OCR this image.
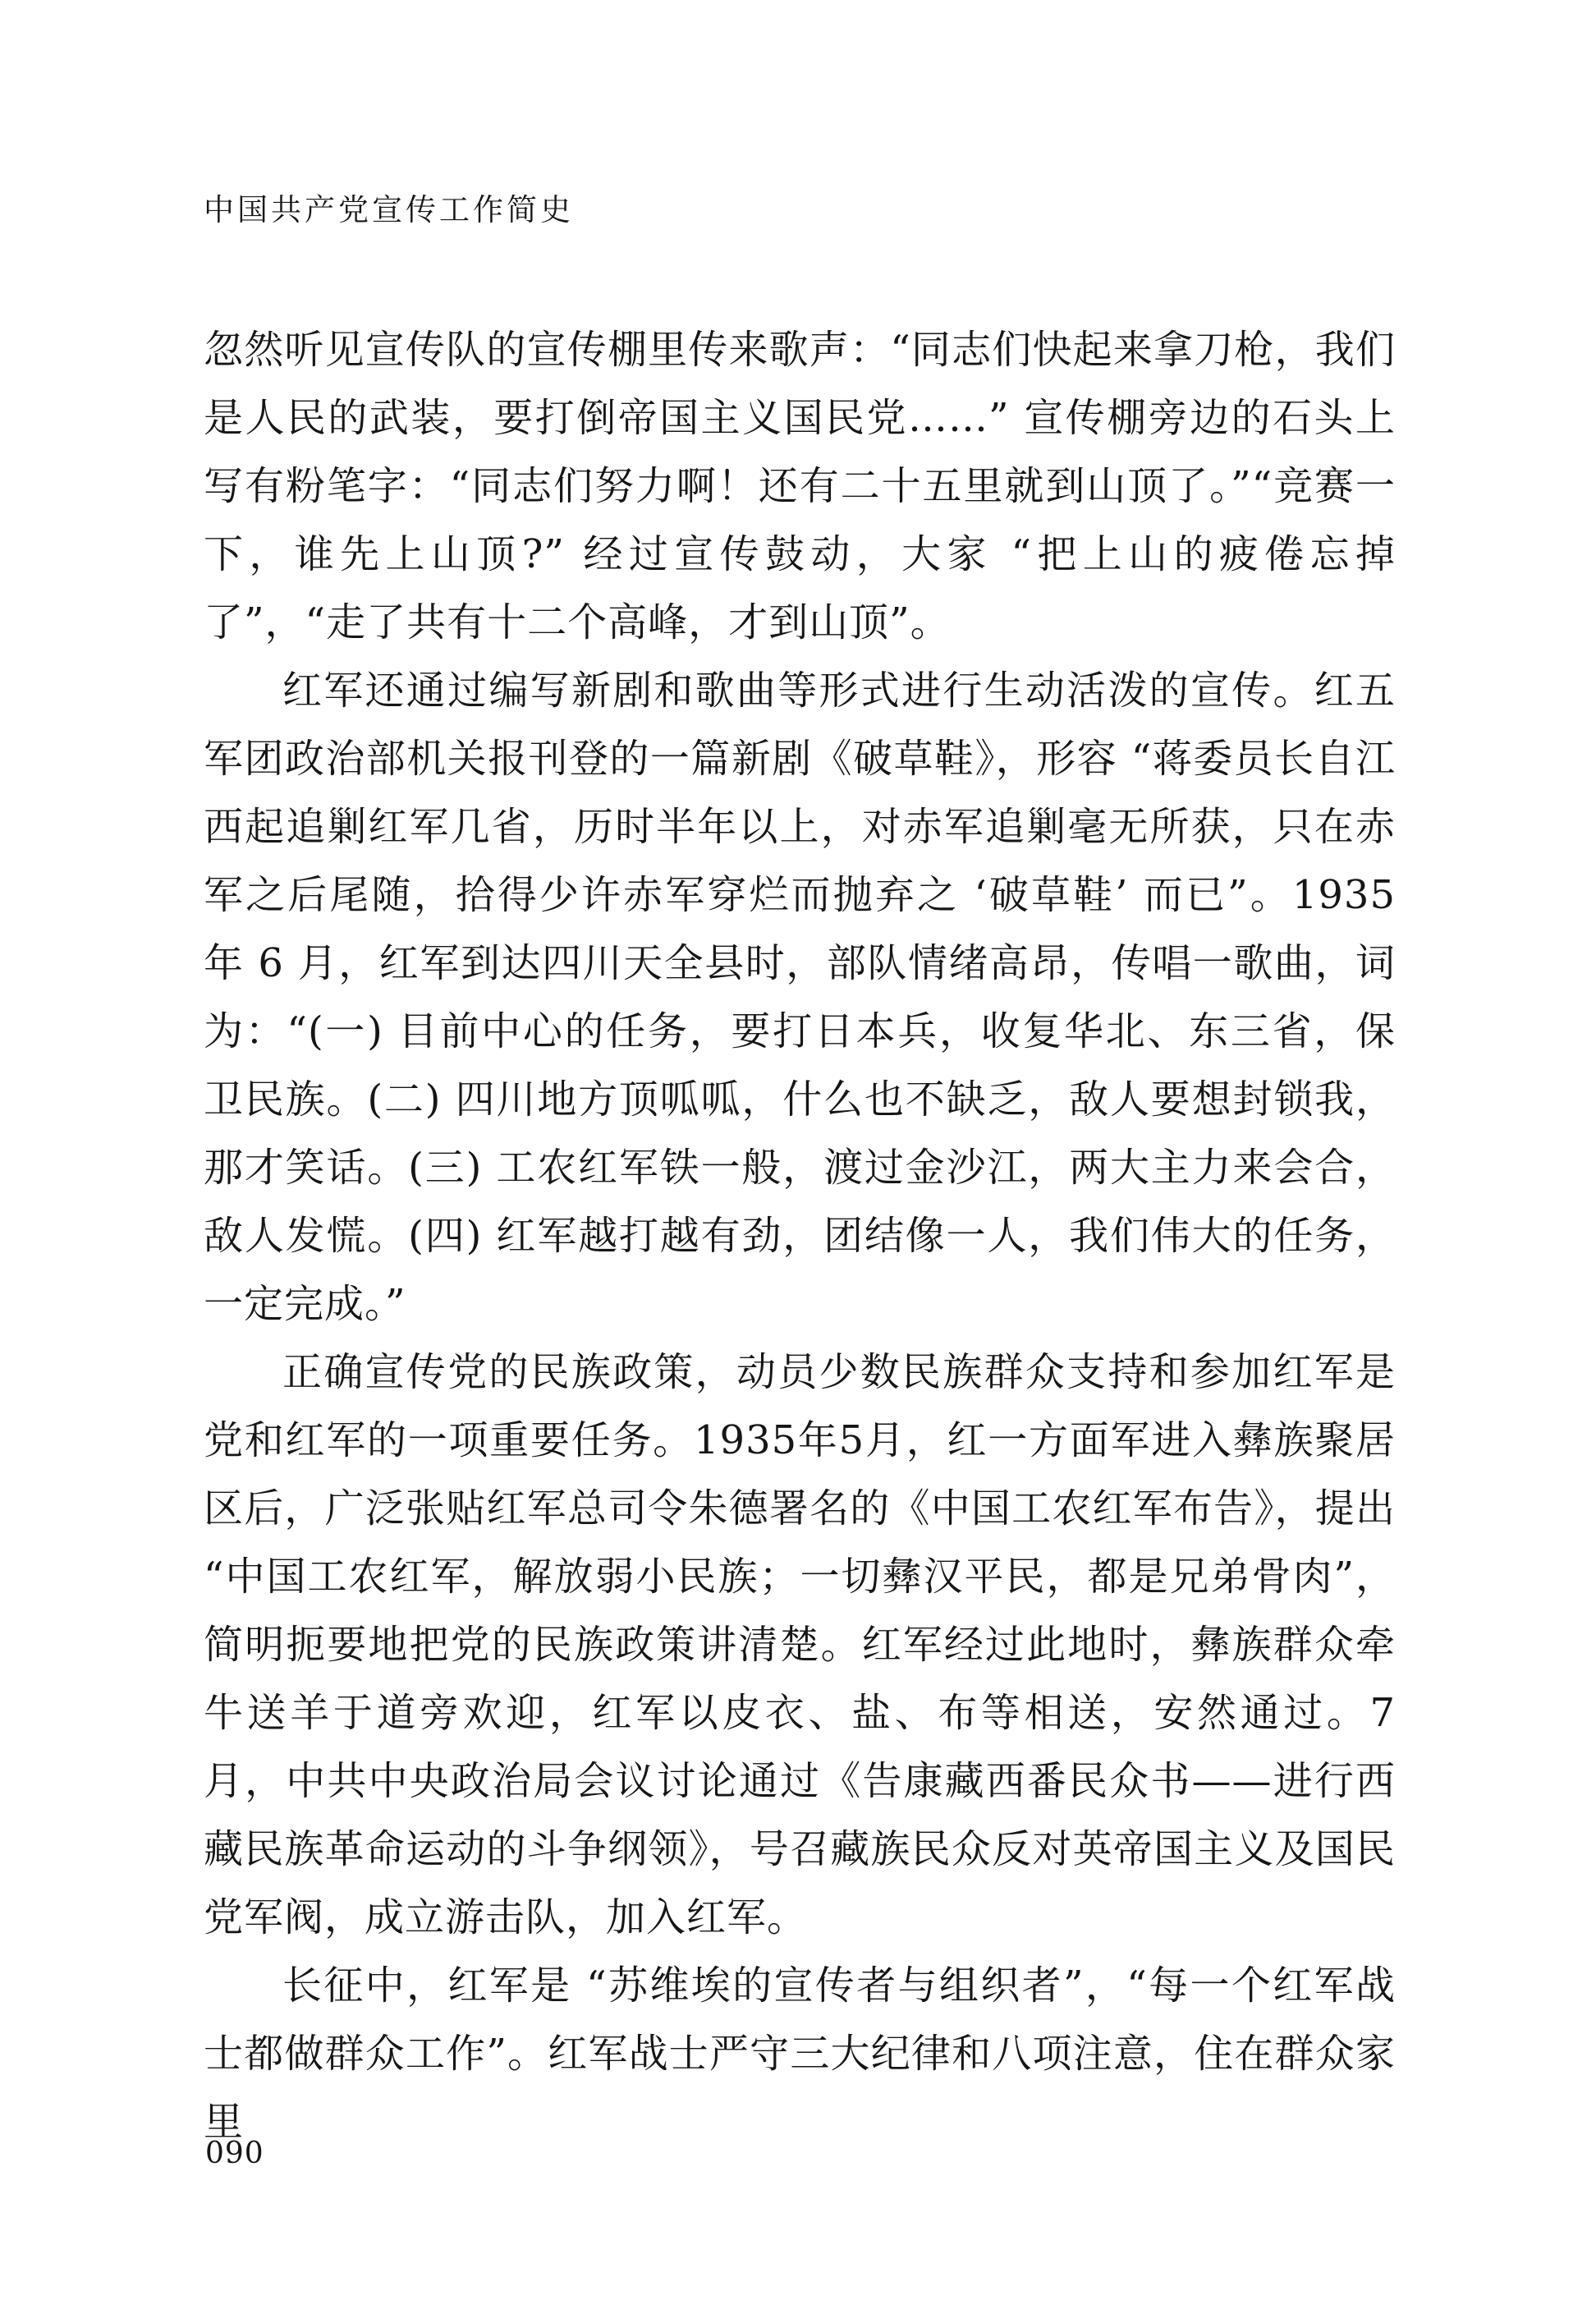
中国共产党宣传工作简史

忽然听见宣传队的宣传棚里传来歌声：“同志们快起来拿刀枪，我们是人民的武装，要打倒帝国主义国民党……” 宣传棚旁边的石头上写有粉笔字：“同志们努力啊！还有二十五里就到山顶了。”“竞赛一下，谁先上山顶?” 经过宣传鼓动，大家 “把上山的疲倦忘掉了”，“走了共有十二个高峰，才到山顶”。

红军还通过编写新剧和歌曲等形式进行生动活泼的宣传。红五军团政治部机关报刊登的一篇新剧《破草鞋》，形容 “蒋委员长自江西起追剿红军几省，历时半年以上，对赤军追剿毫无所获，只在赤军之后尾随，拾得少许赤军穿烂而抛弃之 ‘破草鞋’ 而已”。1935 年 6 月，红军到达四川天全县时，部队情绪高昂，传唱一歌曲，词为：“(一) 目前中心的任务，要打日本兵，收复华北、东三省，保卫民族。(二) 四川地方顶呱呱，什么也不缺乏，敌人要想封锁我，那才笑话。(三) 工农红军铁一般，渡过金沙江，两大主力来会合，敌人发慌。(四) 红军越打越有劲，团结像一人，我们伟大的任务，一定完成。”

正确宣传党的民族政策，动员少数民族群众支持和参加红军是党和红军的一项重要任务。1935年5月，红一方面军进入彝族聚居区后，广泛张贴红军总司令朱德署名的《中国工农红军布告》，提出 “中国工农红军，解放弱小民族；一切彝汉平民，都是兄弟骨肉”，简明扼要地把党的民族政策讲清楚。红军经过此地时，彝族群众牵牛送羊于道旁欢迎，红军以皮衣、盐、布等相送，安然通过。7 月，中共中央政治局会议讨论通过《告康藏西番民众书——进行西藏民族革命运动的斗争纲领》，号召藏族民众反对英帝国主义及国民党军阀，成立游击队，加入红军。

长征中，红军是 “苏维埃的宣传者与组织者”，“每一个红军战士都做群众工作”。红军战士严守三大纪律和八项注意，住在群众家里

090
